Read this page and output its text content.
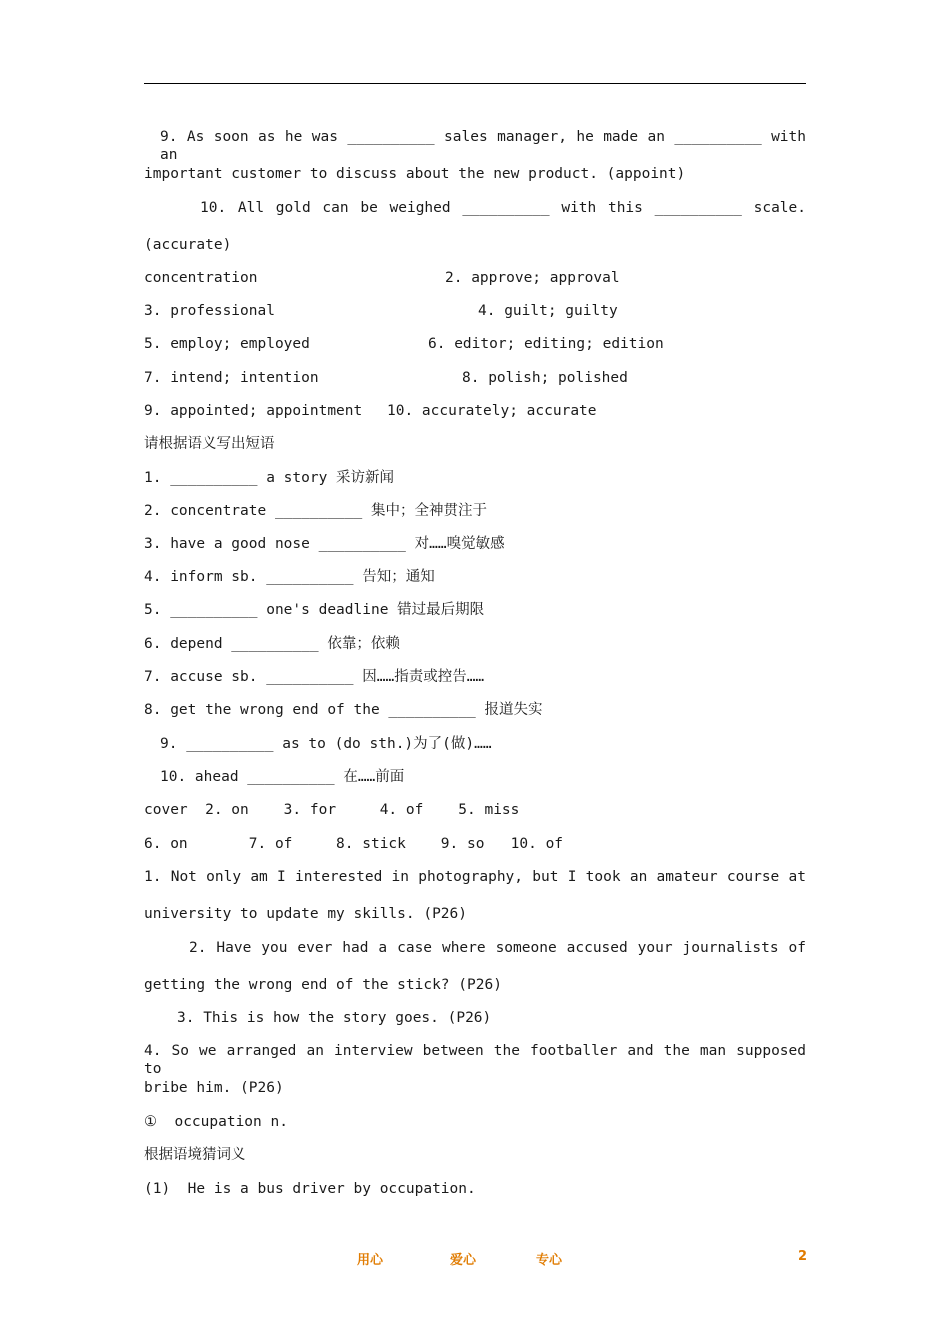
9. As soon as he was __________ sales manager, he made an __________ with an
important customer to discuss about the new product. (appoint)
10. All gold can be weighed __________ with this __________ scale.
(accurate)
concentration	2. approve; approval
3. professional	4. guilt; guilty
5. employ; employed	6. editor; editing; edition
7. intend; intention	8. polish; polished
9. appointed; appointment 10. accurately; accurate
请根据语义写出短语
1. __________ a story 采访新闻
2. concentrate __________ 集中；全神贯注于
3. have a good nose __________ 对……嗅觉敏感
4. inform sb. __________ 告知；通知
5. __________ one's deadline 错过最后期限
6. depend __________ 依靠；依赖
7. accuse sb. __________ 因……指责或控告……
8. get the wrong end of the __________ 报道失实
9. __________ as to (do sth.)为了(做)……
10. ahead __________ 在……前面
cover  2. on    3. for     4. of    5. miss
6. on       7. of     8. stick    9. so   10. of
1. Not only am I interested in photography, but I took an amateur course at
university to update my skills. (P26)
2. Have you ever had a case where someone accused your journalists of
getting the wrong end of the stick? (P26)
3. This is how the story goes. (P26)
4. So we arranged an interview between the footballer and the man supposed to
bribe him. (P26)
①  occupation n.
根据语境猜词义
(1)  He is a bus driver by occupation.
用心	爱心	专心	2
